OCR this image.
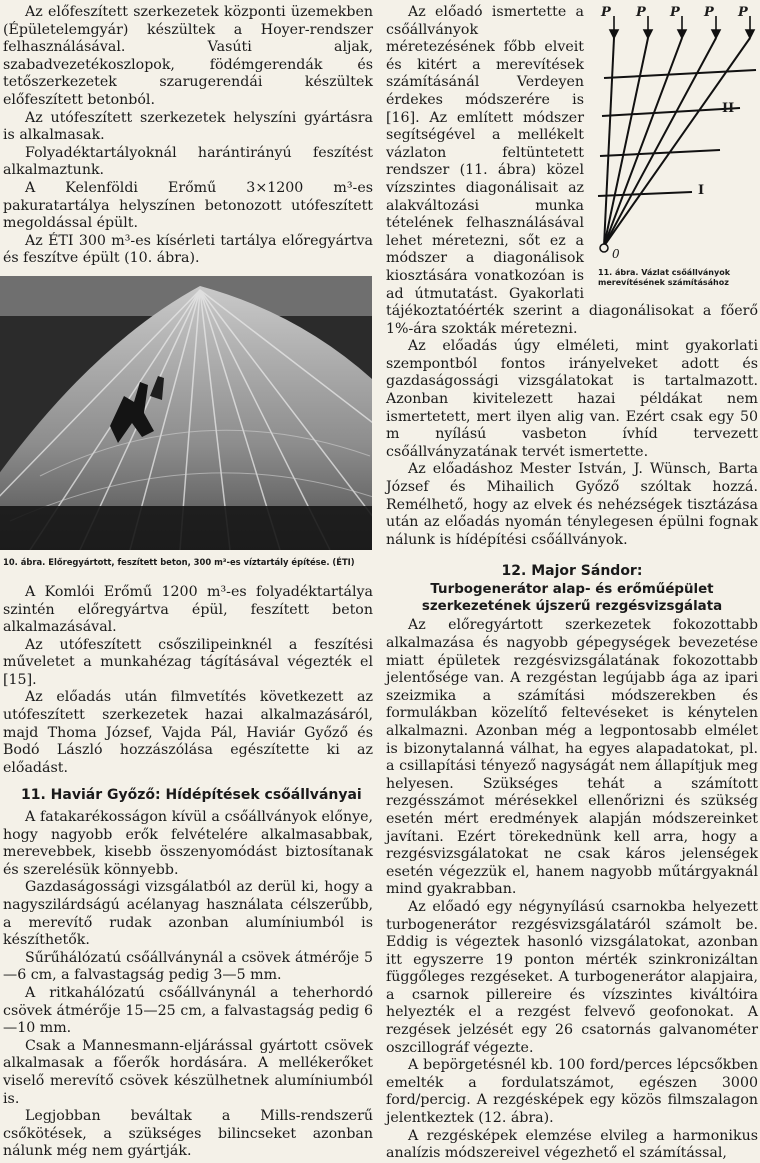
Az előfeszített szerkezetek központi üzemekben (Épületelemgyár) készültek a Hoyer-rendszer felhasználásával. Vasúti aljak, szabadvezetékoszlopok, födémgerendák és tetőszerkezetek szarugerendái készültek előfeszített betonból.

Az utófeszített szerkezetek helyszíni gyártásra is alkalmasak.

Folyadéktartályoknál harántirányú feszítést alkalmaztunk.

A Kelenföldi Erőmű 3×1200 m³-es pakuratartálya helyszínen betonozott utófeszített megoldással épült.

Az ÉTI 300 m³-es kísérleti tartálya előregyártva és feszítve épült (10. ábra).

10. ábra. Előregyártott, feszített beton, 300 m³-es víztartály építése. (ÉTI)

A Komlói Erőmű 1200 m³-es folyadéktartálya szintén előregyártva épül, feszített beton alkalmazásával.

Az utófeszített csőszilipeinknél a feszítési műveletet a munkahézag tágításával végezték el [15].

Az előadás után filmvetítés következett az utófeszített szerkezetek hazai alkalmazásáról, majd Thoma József, Vajda Pál, Haviár Győző és Bodó László hozzászólása egészítette ki az előadást.

11. Haviár Győző: Hídépítések csőállványai

A fatakarékosságon kívül a csőállványok előnye, hogy nagyobb erők felvételére alkalmasabbak, merevebbek, kisebb összenyomódást biztosítanak és szerelésük könnyebb.

Gazdaságossági vizsgálatból az derül ki, hogy a nagyszilárdságú acélanyag használata célszerűbb, a merevítő rudak azonban alumíniumból is készíthetők.

Sűrűhálózatú csőállványnál a csövek átmérője 5—6 cm, a falvastagság pedig 3—5 mm.

A ritkahálózatú csőállványnál a teherhordó csövek átmérője 15—25 cm, a falvastagság pedig 6—10 mm.

Csak a Mannesmann-eljárással gyártott csövek alkalmasak a főerők hordására. A mellékerőket viselő merevítő csövek készülhetnek alumíniumból is.

Legjobban beváltak a Mills-rendszerű csőkötések, a szükséges bilincseket azonban nálunk még nem gyártják.

P P P P P
II
I
0

11. ábra. Vázlat csőállványok merevítésének számításához

Az előadó ismertette a csőállványok méretezésének főbb elveit és kitért a merevítések számításánál Verdeyen érdekes módszerére is [16]. Az említett módszer segítségével a mellékelt vázlaton feltüntetett rendszer (11. ábra) közel vízszintes diagonálisait az alakváltozási munka tételének felhasználásával lehet méretezni, sőt ez a módszer a diagonálisok kiosztására vonatkozóan is ad útmutatást. Gyakorlati tájékoztatóérték szerint a diagonálisokat a főerő 1%-ára szokták méretezni.

Az előadás úgy elméleti, mint gyakorlati szempontból fontos irányelveket adott és gazdaságossági vizsgálatokat is tartalmazott. Azonban kivitelezett hazai példákat nem ismertetett, mert ilyen alig van. Ezért csak egy 50 m nyílású vasbeton ívhíd tervezett csőállványzatának tervét ismertette.

Az előadáshoz Mester István, J. Wünsch, Barta József és Mihailich Győző szóltak hozzá. Remélhető, hogy az elvek és nehézségek tisztázása után az előadás nyomán ténylegesen épülni fognak nálunk is hídépítési csőállványok.

12. Major Sándor:

Turbogenerátor alap- és erőműépület szerkezetének újszerű rezgésvizsgálata

Az előregyártott szerkezetek fokozottabb alkalmazása és nagyobb gépegységek bevezetése miatt épületek rezgésvizsgálatának fokozottabb jelentősége van. A rezgéstan legújabb ága az ipari szeizmika a számítási módszerekben és formulákban közelítő feltevéseket is kénytelen alkalmazni. Azonban még a legpontosabb elmélet is bizonytalanná válhat, ha egyes alapadatokat, pl. a csillapítási tényező nagyságát nem állapítjuk meg helyesen. Szükséges tehát a számított rezgésszámot mérésekkel ellenőrizni és szükség esetén mért eredmények alapján módszereinket javítani. Ezért törekednünk kell arra, hogy a rezgésvizsgálatokat ne csak káros jelenségek esetén végezzük el, hanem nagyobb műtárgyaknál mind gyakrabban.

Az előadó egy négynyílású csarnokba helyezett turbogenerátor rezgésvizsgálatáról számolt be. Eddig is végeztek hasonló vizsgálatokat, azonban itt egyszerre 19 ponton mérték szinkronizáltan függőleges rezgéseket. A turbogenerátor alapjaira, a csarnok pillereire és vízszintes kiváltóira helyezték el a rezgést felvevő geofonokat. A rezgések jelzését egy 26 csatornás galvanométer oszcillográf végezte.

A bepörgetésnél kb. 100 ford/perces lépcsőkben emelték a fordulatszámot, egészen 3000 ford/percig. A rezgésképek egy közös filmszalagon jelentkeztek (12. ábra).

A rezgésképek elemzése elvileg a harmonikus analízis módszereivel végezhető el számítással,
